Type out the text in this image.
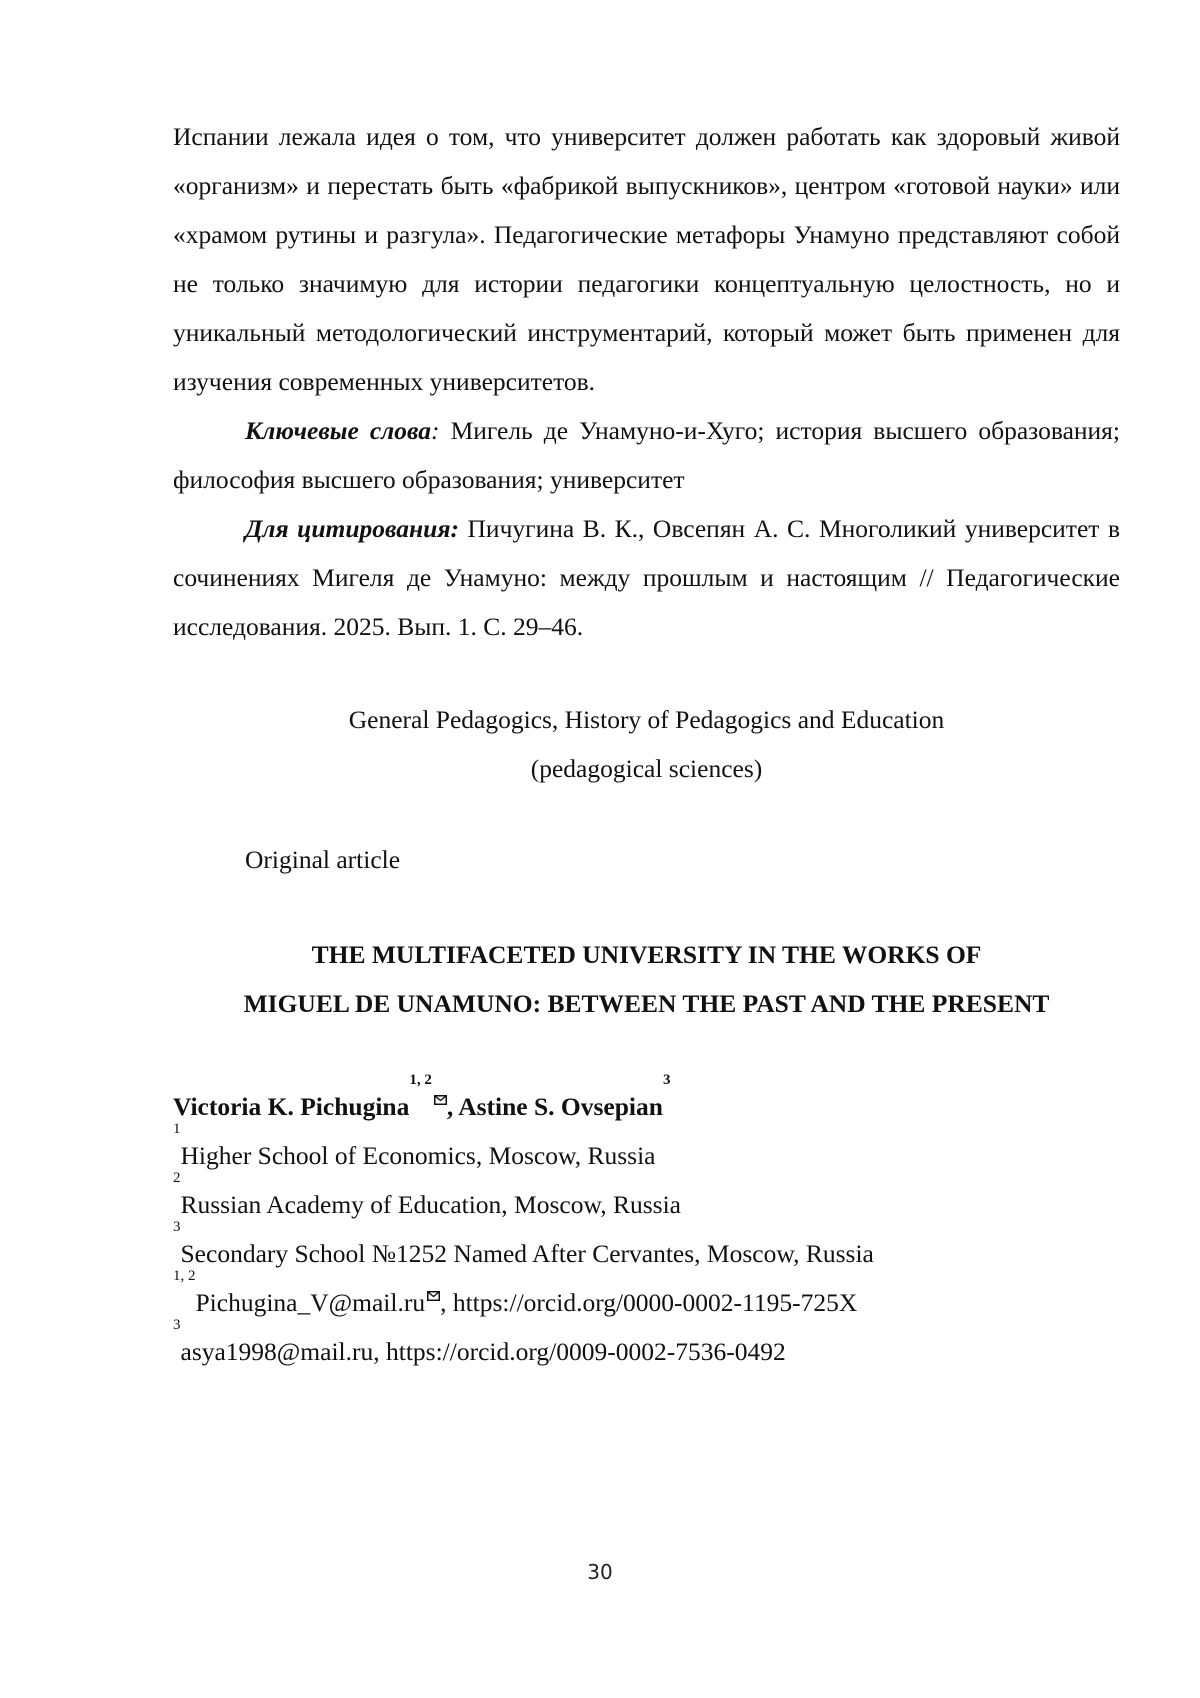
Испании лежала идея о том, что университет должен работать как здоровый живой «организм» и перестать быть «фабрикой выпускников», центром «готовой науки» или «храмом рутины и разгула». Педагогические метафоры Унамуно представляют собой не только значимую для истории педагогики концептуальную целостность, но и уникальный методологический инструментарий, который может быть применен для изучения современных университетов.

Ключевые слова: Мигель де Унамуно-и-Хуго; история высшего образования; философия высшего образования; университет

Для цитирования: Пичугина В. К., Овсепян А. С. Многоликий университет в сочинениях Мигеля де Унамуно: между прошлым и настоящим // Педагогические исследования. 2025. Вып. 1. С. 29–46.

General Pedagogics, History of Pedagogics and Education

(pedagogical sciences)

Original article

THE MULTIFACETED UNIVERSITY IN THE WORKS OF
MIGUEL DE UNAMUNO: BETWEEN THE PAST AND THE PRESENT

Victoria K. Pichugina$^{1, 2}$
, Astine S. Ovsepian$^3$

$^1$Higher School of Economics, Moscow, Russia

$^2$Russian Academy of Education, Moscow, Russia

$^3$Secondary School №1252 Named After Cervantes, Moscow, Russia

$^{1, 2}$Pichugina_V@mail.ru , https://orcid.org/0000-0002-1195-725X

$^3$asya1998@mail.ru, https://orcid.org/0009-0002-7536-0492

30
